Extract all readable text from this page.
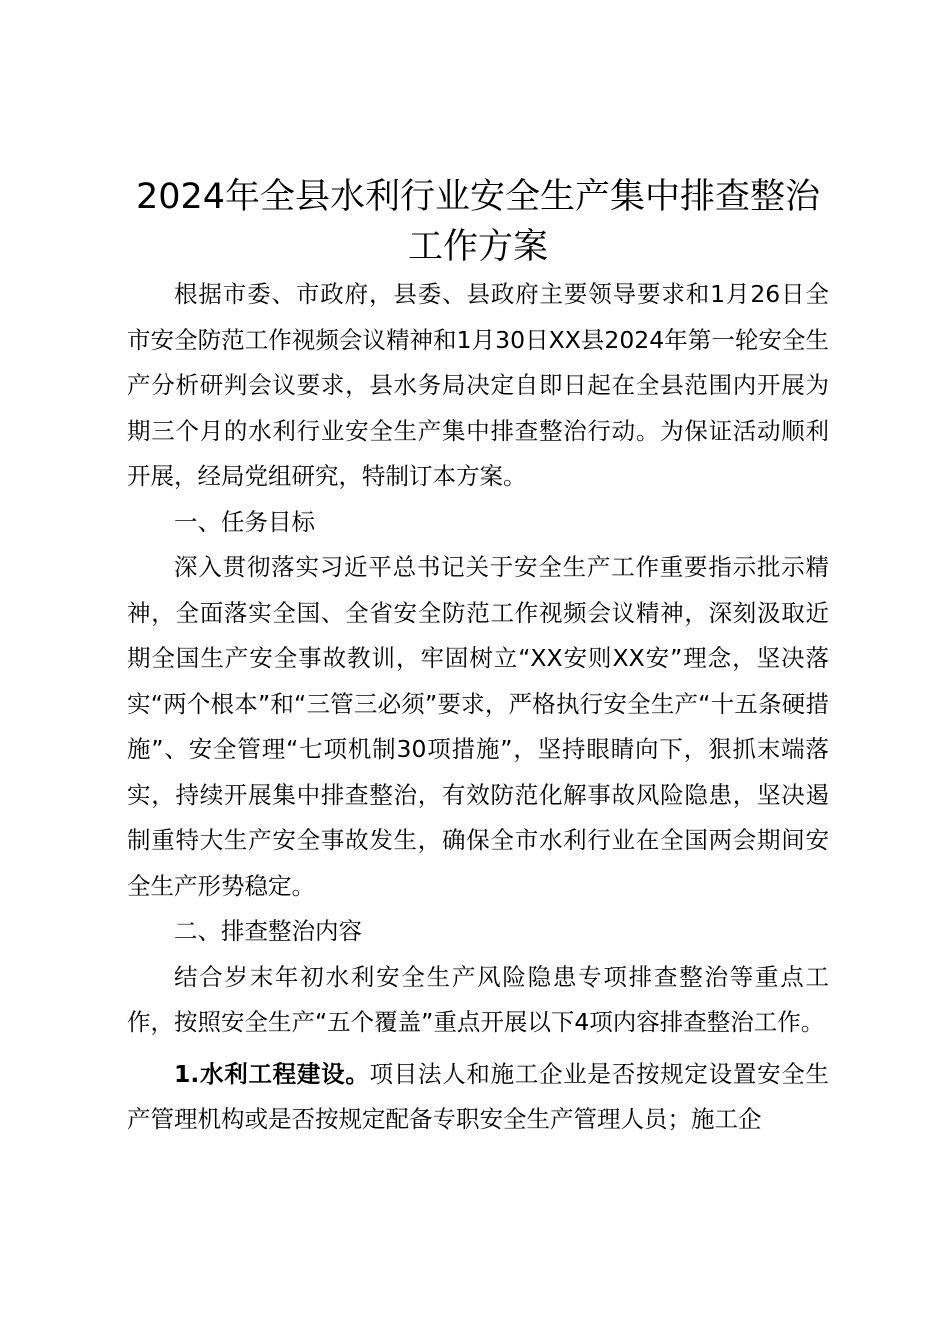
2024年全县水利行业安全生产集中排查整治
工作方案

根据市委、市政府，县委、县政府主要领导要求和1月26日全市安全防范工作视频会议精神和1月30日XX县2024年第一轮安全生产分析研判会议要求，县水务局决定自即日起在全县范围内开展为期三个月的水利行业安全生产集中排查整治行动。为保证活动顺利开展，经局党组研究，特制订本方案。

一、任务目标

深入贯彻落实习近平总书记关于安全生产工作重要指示批示精神，全面落实全国、全省安全防范工作视频会议精神，深刻汲取近期全国生产安全事故教训，牢固树立“XX安则XX安”理念，坚决落实“两个根本”和“三管三必须”要求，严格执行安全生产“十五条硬措施”、安全管理“七项机制30项措施”，坚持眼睛向下，狠抓末端落实，持续开展集中排查整治，有效防范化解事故风险隐患，坚决遏制重特大生产安全事故发生，确保全市水利行业在全国两会期间安全生产形势稳定。

二、排查整治内容

结合岁末年初水利安全生产风险隐患专项排查整治等重点工作，按照安全生产“五个覆盖”重点开展以下4项内容排查整治工作。

1.水利工程建设。项目法人和施工企业是否按规定设置安全生产管理机构或是否按规定配备专职安全生产管理人员；施工企
